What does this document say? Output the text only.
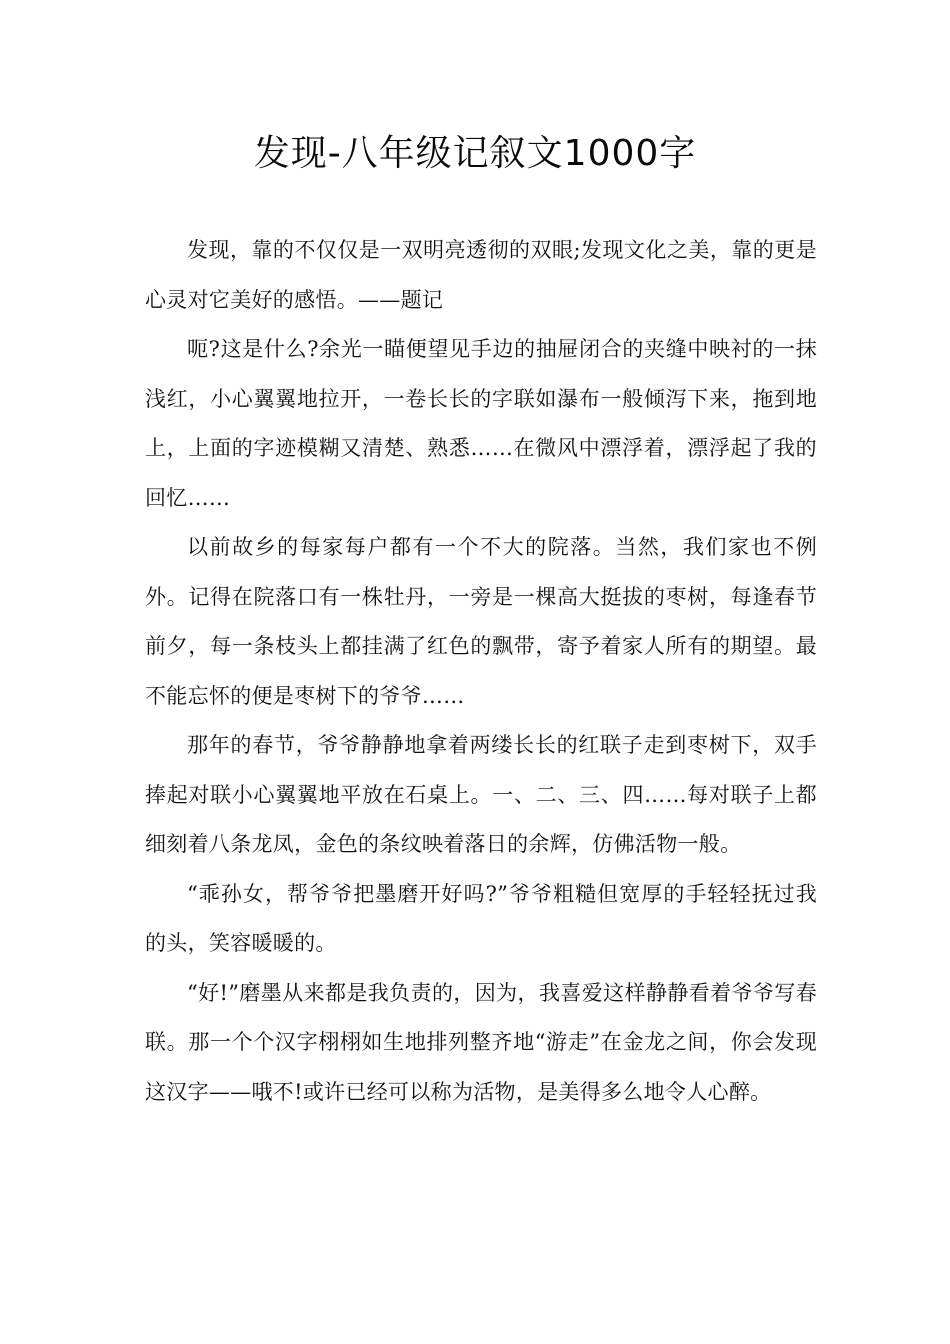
发现-八年级记叙文1000字

发现，靠的不仅仅是一双明亮透彻的双眼;发现文化之美，靠的更是心灵对它美好的感悟。——题记

呃?这是什么?余光一瞄便望见手边的抽屉闭合的夹缝中映衬的一抹浅红，小心翼翼地拉开，一卷长长的字联如瀑布一般倾泻下来，拖到地上，上面的字迹模糊又清楚、熟悉……在微风中漂浮着，漂浮起了我的回忆……

以前故乡的每家每户都有一个不大的院落。当然，我们家也不例外。记得在院落口有一株牡丹，一旁是一棵高大挺拔的枣树，每逢春节前夕，每一条枝头上都挂满了红色的飘带，寄予着家人所有的期望。最不能忘怀的便是枣树下的爷爷……

那年的春节，爷爷静静地拿着两缕长长的红联子走到枣树下，双手捧起对联小心翼翼地平放在石桌上。一、二、三、四……每对联子上都细刻着八条龙凤，金色的条纹映着落日的余辉，仿佛活物一般。

“乖孙女，帮爷爷把墨磨开好吗?”爷爷粗糙但宽厚的手轻轻抚过我的头，笑容暖暖的。

“好!”磨墨从来都是我负责的，因为，我喜爱这样静静看着爷爷写春联。那一个个汉字栩栩如生地排列整齐地“游走”在金龙之间，你会发现这汉字——哦不!或许已经可以称为活物，是美得多么地令人心醉。
